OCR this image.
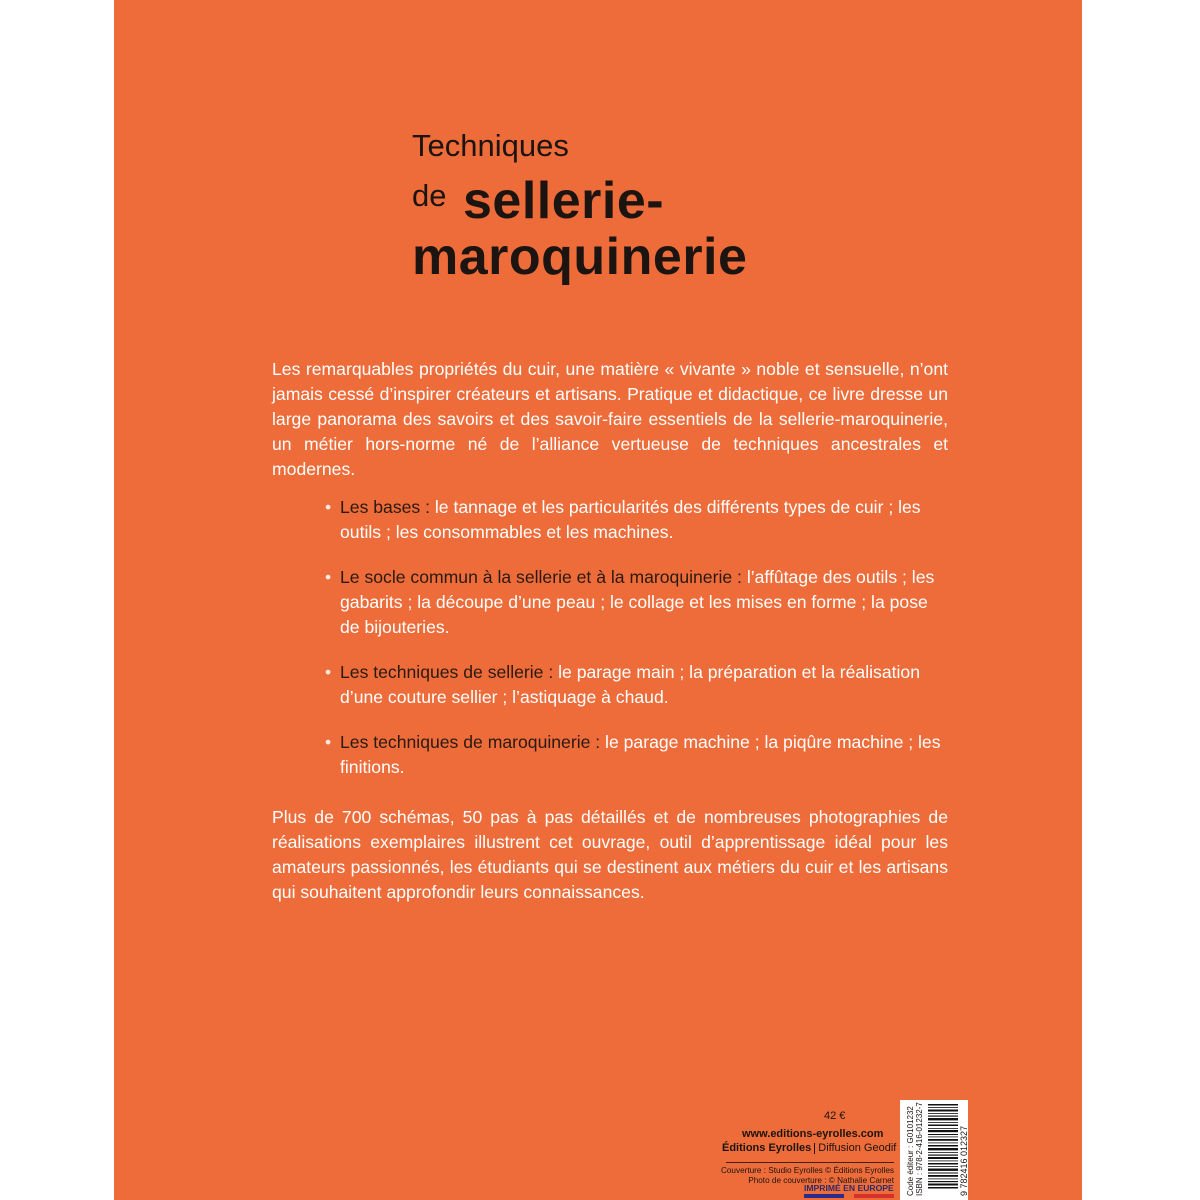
Techniques
de sellerie-
maroquinerie

Les remarquables propriétés du cuir, une matière « vivante » noble et sensuelle, n’ont jamais cessé d’inspirer créateurs et artisans. Pratique et didactique, ce livre dresse un large panorama des savoirs et des savoir-faire essentiels de la sellerie-maroquinerie, un métier hors-norme né de l’alliance vertueuse de techniques ancestrales et modernes.

• Les bases : le tannage et les particularités des différents types de cuir ; les outils ; les consommables et les machines.
• Le socle commun à la sellerie et à la maroquinerie : l’affûtage des outils ; les gabarits ; la découpe d’une peau ; le collage et les mises en forme ; la pose de bijouteries.
• Les techniques de sellerie : le parage main ; la préparation et la réalisation d’une couture sellier ; l’astiquage à chaud.
• Les techniques de maroquinerie : le parage machine ; la piqûre machine ; les finitions.

Plus de 700 schémas, 50 pas à pas détaillés et de nombreuses photographies de réalisations exemplaires illustrent cet ouvrage, outil d’apprentissage idéal pour les amateurs passionnés, les étudiants qui se destinent aux métiers du cuir et les artisans qui souhaitent approfondir leurs connaissances.

42 €
www.editions-eyrolles.com
Éditions Eyrolles Diffusion Geodif
Couverture : Studio Eyrolles © Éditions Eyrolles
Photo de couverture : © Nathalie Carnet
IMPRIMÉ EN EUROPE Code éditeur : G0101232 ISBN : 978-2-416-01232-7	9 782416 012327
